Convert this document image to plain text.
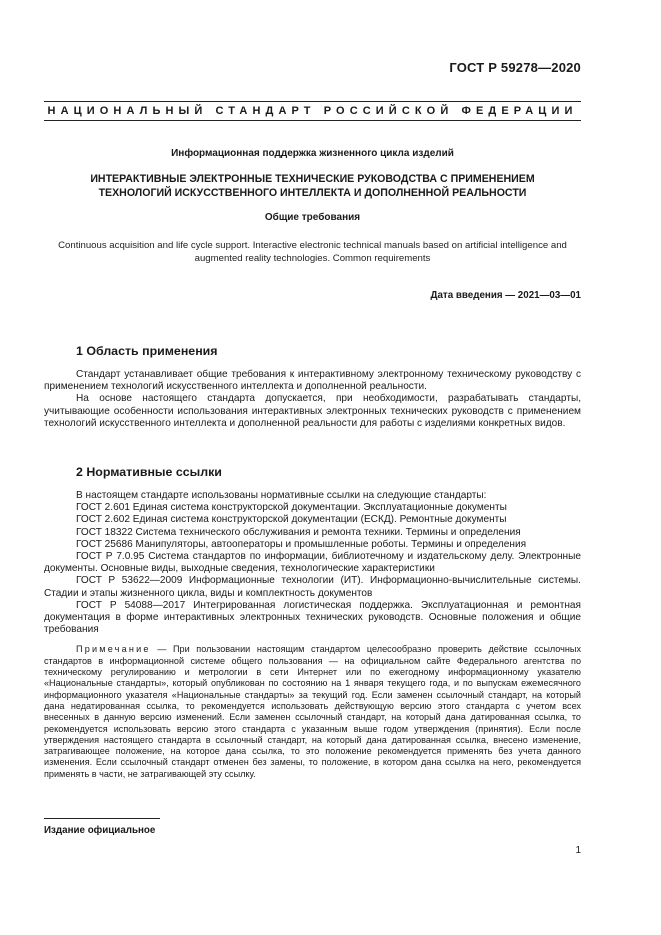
ГОСТ Р 59278—2020
НАЦИОНАЛЬНЫЙ СТАНДАРТ РОССИЙСКОЙ ФЕДЕРАЦИИ
Информационная поддержка жизненного цикла изделий
ИНТЕРАКТИВНЫЕ ЭЛЕКТРОННЫЕ ТЕХНИЧЕСКИЕ РУКОВОДСТВА С ПРИМЕНЕНИЕМ
ТЕХНОЛОГИЙ ИСКУССТВЕННОГО ИНТЕЛЛЕКТА И ДОПОЛНЕННОЙ РЕАЛЬНОСТИ
Общие требования
Continuous acquisition and life cycle support. Interactive electronic technical manuals based on artificial intelligence and
augmented reality technologies. Common requirements
Дата введения — 2021—03—01
1 Область применения

Стандарт устанавливает общие требования к интерактивному электронному техническому руководству с применением технологий искусственного интеллекта и дополненной реальности.

На основе настоящего стандарта допускается, при необходимости, разрабатывать стандарты, учитывающие особенности использования интерактивных электронных технических руководств с применением технологий искусственного интеллекта и дополненной реальности для работы с изделиями конкретных видов.

2 Нормативные ссылки

В настоящем стандарте использованы нормативные ссылки на следующие стандарты:

ГОСТ 2.601 Единая система конструкторской документации. Эксплуатационные документы

ГОСТ 2.602 Единая система конструкторской документации (ЕСКД). Ремонтные документы

ГОСТ 18322 Система технического обслуживания и ремонта техники. Термины и определения

ГОСТ 25686 Манипуляторы, автооператоры и промышленные роботы. Термины и определения

ГОСТ Р 7.0.95 Система стандартов по информации, библиотечному и издательскому делу. Электронные документы. Основные виды, выходные сведения, технологические характеристики

ГОСТ Р 53622—2009 Информационные технологии (ИТ). Информационно-вычислительные системы. Стадии и этапы жизненного цикла, виды и комплектность документов

ГОСТ Р 54088—2017 Интегрированная логистическая поддержка. Эксплуатационная и ремонтная документация в форме интерактивных электронных технических руководств. Основные положения и общие требования

Примечание — При пользовании настоящим стандартом целесообразно проверить действие ссылочных стандартов в информационной системе общего пользования — на официальном сайте Федерального агентства по техническому регулированию и метрологии в сети Интернет или по ежегодному информационному указателю «Национальные стандарты», который опубликован по состоянию на 1 января текущего года, и по выпускам ежемесячного информационного указателя «Национальные стандарты» за текущий год. Если заменен ссылочный стандарт, на который дана недатированная ссылка, то рекомендуется использовать действующую версию этого стандарта с учетом всех внесенных в данную версию изменений. Если заменен ссылочный стандарт, на который дана датированная ссылка, то рекомендуется использовать версию этого стандарта с указанным выше годом утверждения (принятия). Если после утверждения настоящего стандарта в ссылочный стандарт, на который дана датированная ссылка, внесено изменение, затрагивающее положение, на которое дана ссылка, то это положение рекомендуется применять без учета данного изменения. Если ссылочный стандарт отменен без замены, то положение, в котором дана ссылка на него, рекомендуется применять в части, не затрагивающей эту ссылку.

Издание официальное
1
